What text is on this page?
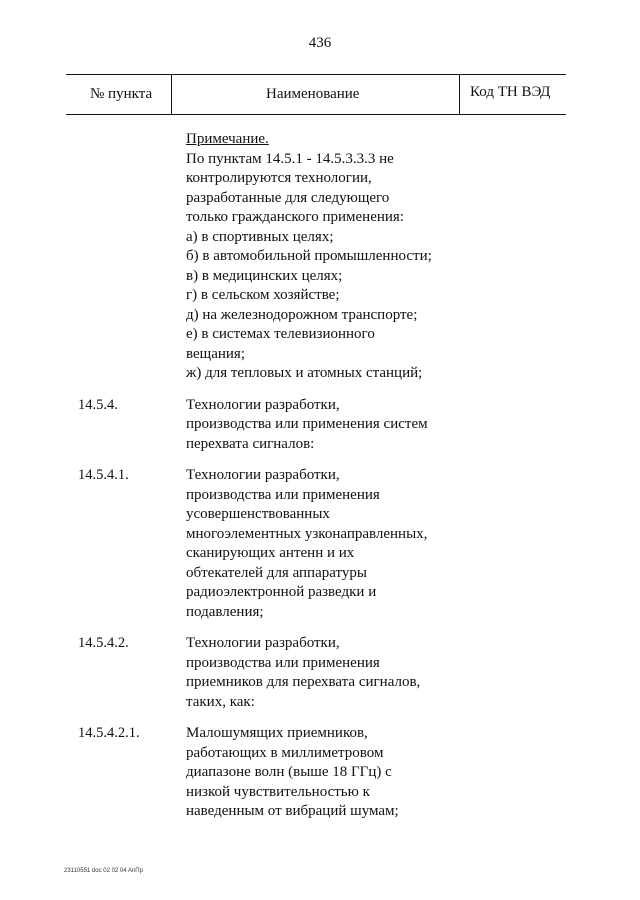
436
№ пункта	Наименование	Код ТН ВЭД
Примечание.
По пунктам 14.5.1 - 14.5.3.3.3 не
контролируются технологии,
разработанные для следующего
только гражданского применения:
а) в спортивных целях;
б) в автомобильной промышленности;
в) в медицинских целях;
г) в сельском хозяйстве;
д) на железнодорожном транспорте;
е) в системах телевизионного
вещания;
ж) для тепловых и атомных станций;
14.5.4.	Технологии разработки,
производства или применения систем
перехвата сигналов:
14.5.4.1.	Технологии разработки,
производства или применения
усовершенствованных
многоэлементных узконаправленных,
сканирующих антенн и их
обтекателей для аппаратуры
радиоэлектронной разведки и
подавления;
14.5.4.2.	Технологии разработки,
производства или применения
приемников для перехвата сигналов,
таких, как:
14.5.4.2.1.	Малошумящих приемников,
работающих в миллиметровом
диапазоне волн (выше 18 ГГц) с
низкой чувствительностью к
наведенным от вибраций шумам;
23110551 doc 02 02 04 AnПр
